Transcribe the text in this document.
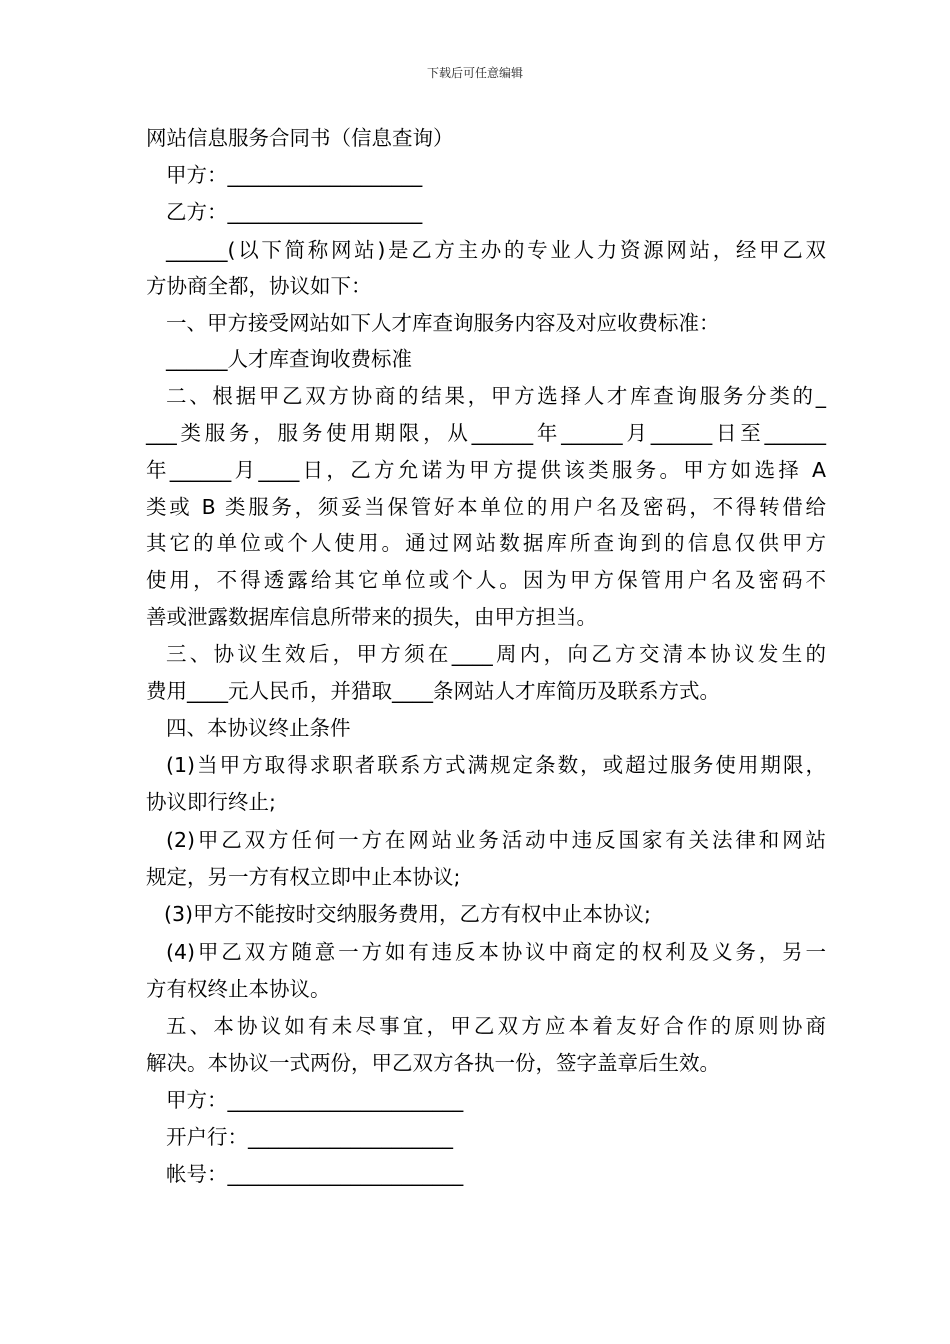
下载后可任意编辑
网站信息服务合同书（信息查询）
甲方：___________________
乙方：___________________
______(以下简称网站)是乙方主办的专业人力资源网站，经甲乙双
方协商全都，协议如下：
一、甲方接受网站如下人才库查询服务内容及对应收费标准：
______人才库查询收费标准
二、根据甲乙双方协商的结果，甲方选择人才库查询服务分类的_
___类服务，服务使用期限，从______年______月______日至______
年______月____日，乙方允诺为甲方提供该类服务。甲方如选择 A
类或 B 类服务，须妥当保管好本单位的用户名及密码，不得转借给
其它的单位或个人使用。通过网站数据库所查询到的信息仅供甲方
使用，不得透露给其它单位或个人。因为甲方保管用户名及密码不
善或泄露数据库信息所带来的损失，由甲方担当。
三、协议生效后，甲方须在____周内，向乙方交清本协议发生的
费用____元人民币，并猎取____条网站人才库简历及联系方式。
四、本协议终止条件
(1)当甲方取得求职者联系方式满规定条数，或超过服务使用期限，
协议即行终止;
(2)甲乙双方任何一方在网站业务活动中违反国家有关法律和网站
规定，另一方有权立即中止本协议;
(3)甲方不能按时交纳服务费用，乙方有权中止本协议;
(4)甲乙双方随意一方如有违反本协议中商定的权利及义务，另一
方有权终止本协议。
五、本协议如有未尽事宜，甲乙双方应本着友好合作的原则协商
解决。本协议一式两份，甲乙双方各执一份，签字盖章后生效。
甲方：_______________________
开户行：____________________
帐号：_______________________
